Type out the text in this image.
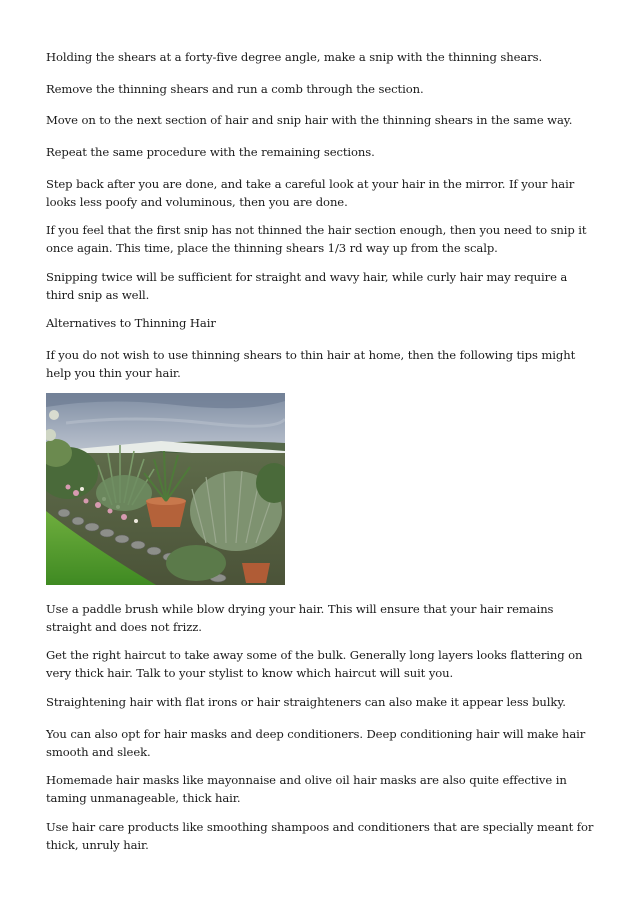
Holding the shears at a forty-five degree angle, make a snip with the thinning shears.

Remove the thinning shears and run a comb through the section.

Move on to the next section of hair and snip hair with the thinning shears in the same way.

Repeat the same procedure with the remaining sections.

Step back after you are done, and take a careful look at your hair in the mirror. If your hair looks less poofy and voluminous, then you are done.

If you feel that the first snip has not thinned the hair section enough, then you need to snip it once again. This time, place the thinning shears 1/3 rd way up from the scalp.

Snipping twice will be sufficient for straight and wavy hair, while curly hair may require a third snip as well.

Alternatives to Thinning Hair

If you do not wish to use thinning shears to thin hair at home, then the following tips might help you thin your hair.

Use a paddle brush while blow drying your hair. This will ensure that your hair remains straight and does not frizz.

Get the right haircut to take away some of the bulk. Generally long layers looks flattering on very thick hair. Talk to your stylist to know which haircut will suit you.

Straightening hair with flat irons or hair straighteners can also make it appear less bulky.

You can also opt for hair masks and deep conditioners. Deep conditioning hair will make hair smooth and sleek.

Homemade hair masks like mayonnaise and olive oil hair masks are also quite effective in taming unmanageable, thick hair.

Use hair care products like smoothing shampoos and conditioners that are specially meant for thick, unruly hair.
